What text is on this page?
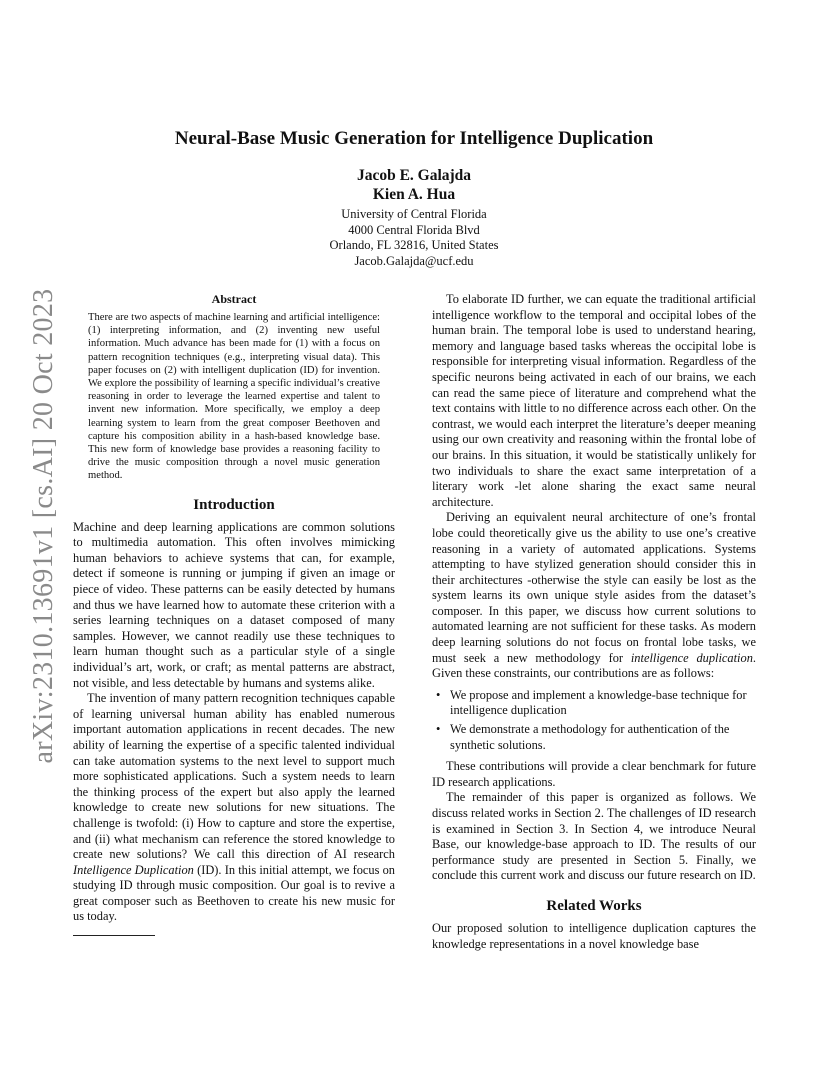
arXiv:2310.13691v1 [cs.AI] 20 Oct 2023
Neural-Base Music Generation for Intelligence Duplication
Jacob E. Galajda
Kien A. Hua
University of Central Florida
4000 Central Florida Blvd
Orlando, FL 32816, United States
Jacob.Galajda@ucf.edu
Abstract
There are two aspects of machine learning and artificial intelligence: (1) interpreting information, and (2) inventing new useful information. Much advance has been made for (1) with a focus on pattern recognition techniques (e.g., interpreting visual data). This paper focuses on (2) with intelligent duplication (ID) for invention. We explore the possibility of learning a specific individual’s creative reasoning in order to leverage the learned expertise and talent to invent new information. More specifically, we employ a deep learning system to learn from the great composer Beethoven and capture his composition ability in a hash-based knowledge base. This new form of knowledge base provides a reasoning facility to drive the music composition through a novel music generation method.
Introduction

Machine and deep learning applications are common solutions to multimedia automation. This often involves mimicking human behaviors to achieve systems that can, for example, detect if someone is running or jumping if given an image or piece of video. These patterns can be easily detected by humans and thus we have learned how to automate these criterion with a series learning techniques on a dataset composed of many samples. However, we cannot readily use these techniques to learn human thought such as a particular style of a single individual’s art, work, or craft; as mental patterns are abstract, not visible, and less detectable by humans and systems alike.

The invention of many pattern recognition techniques capable of learning universal human ability has enabled numerous important automation applications in recent decades. The new ability of learning the expertise of a specific talented individual can take automation systems to the next level to support much more sophisticated applications. Such a system needs to learn the thinking process of the expert but also apply the learned knowledge to create new solutions for new situations. The challenge is twofold: (i) How to capture and store the expertise, and (ii) what mechanism can reference the stored knowledge to create new solutions? We call this direction of AI research Intelligence Duplication (ID). In this initial attempt, we focus on studying ID through music composition. Our goal is to revive a great composer such as Beethoven to create his new music for us today.

To elaborate ID further, we can equate the traditional artificial intelligence workflow to the temporal and occipital lobes of the human brain. The temporal lobe is used to understand hearing, memory and language based tasks whereas the occipital lobe is responsible for interpreting visual information. Regardless of the specific neurons being activated in each of our brains, we each can read the same piece of literature and comprehend what the text contains with little to no difference across each other. On the contrast, we would each interpret the literature’s deeper meaning using our own creativity and reasoning within the frontal lobe of our brains. In this situation, it would be statistically unlikely for two individuals to share the exact same interpretation of a literary work -let alone sharing the exact same neural architecture.

Deriving an equivalent neural architecture of one’s frontal lobe could theoretically give us the ability to use one’s creative reasoning in a variety of automated applications. Systems attempting to have stylized generation should consider this in their architectures -otherwise the style can easily be lost as the system learns its own unique style asides from the dataset’s composer. In this paper, we discuss how current solutions to automated learning are not sufficient for these tasks. As modern deep learning solutions do not focus on frontal lobe tasks, we must seek a new methodology for intelligence duplication. Given these constraints, our contributions are as follows:

• We propose and implement a knowledge-base technique for intelligence duplication
• We demonstrate a methodology for authentication of the synthetic solutions.

These contributions will provide a clear benchmark for future ID research applications.

The remainder of this paper is organized as follows. We discuss related works in Section 2. The challenges of ID research is examined in Section 3. In Section 4, we introduce Neural Base, our knowledge-base approach to ID. The results of our performance study are presented in Section 5. Finally, we conclude this current work and discuss our future research on ID.

Related Works

Our proposed solution to intelligence duplication captures the knowledge representations in a novel knowledge base
